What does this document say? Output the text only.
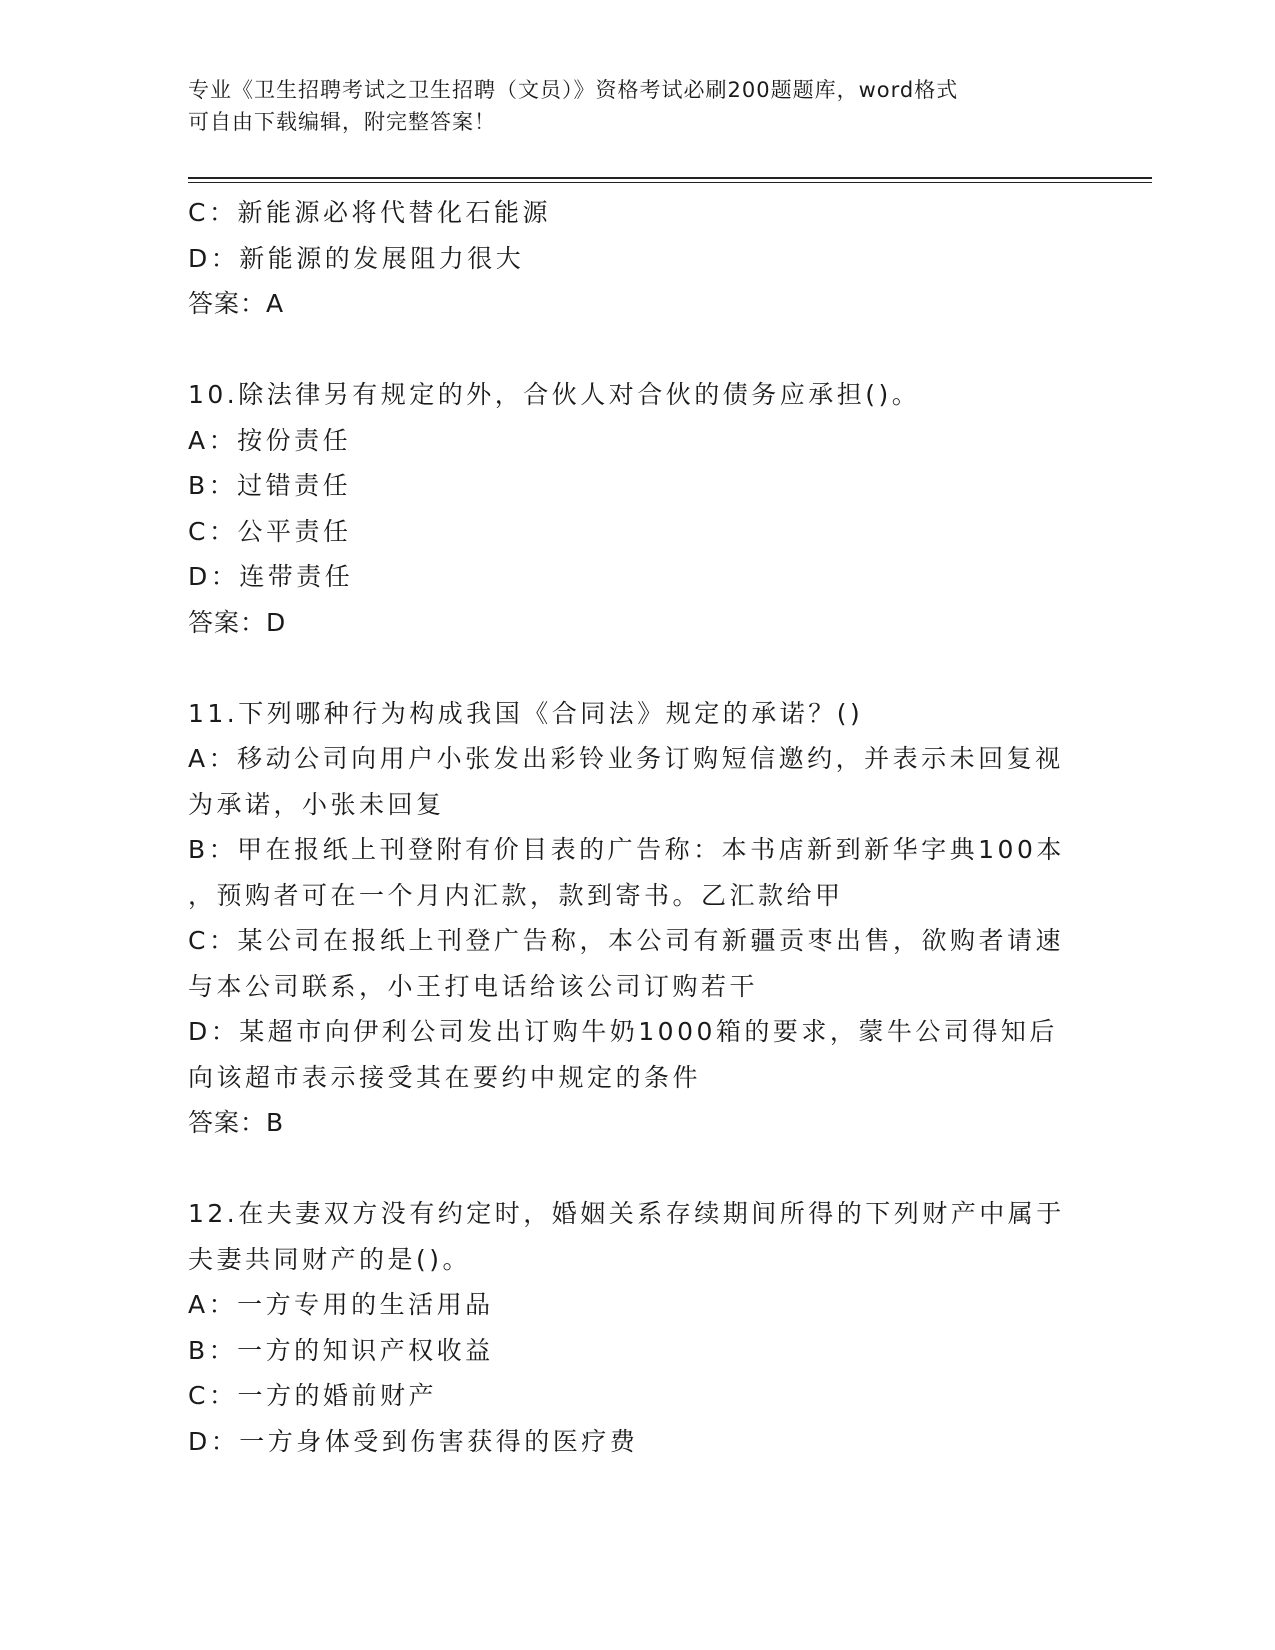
专业《卫生招聘考试之卫生招聘（文员）》资格考试必刷200题题库，word格式
可自由下载编辑，附完整答案！
C：新能源必将代替化石能源
D：新能源的发展阻力很大
答案：A
10.除法律另有规定的外，合伙人对合伙的债务应承担()。
A：按份责任
B：过错责任
C：公平责任
D：连带责任
答案：D
11.下列哪种行为构成我国《合同法》规定的承诺？()
A：移动公司向用户小张发出彩铃业务订购短信邀约，并表示未回复视
为承诺，小张未回复
B：甲在报纸上刊登附有价目表的广告称：本书店新到新华字典100本
，预购者可在一个月内汇款，款到寄书。乙汇款给甲
C：某公司在报纸上刊登广告称，本公司有新疆贡枣出售，欲购者请速
与本公司联系，小王打电话给该公司订购若干
D：某超市向伊利公司发出订购牛奶1000箱的要求，蒙牛公司得知后
向该超市表示接受其在要约中规定的条件
答案：B
12.在夫妻双方没有约定时，婚姻关系存续期间所得的下列财产中属于
夫妻共同财产的是()。
A：一方专用的生活用品
B：一方的知识产权收益
C：一方的婚前财产
D：一方身体受到伤害获得的医疗费
